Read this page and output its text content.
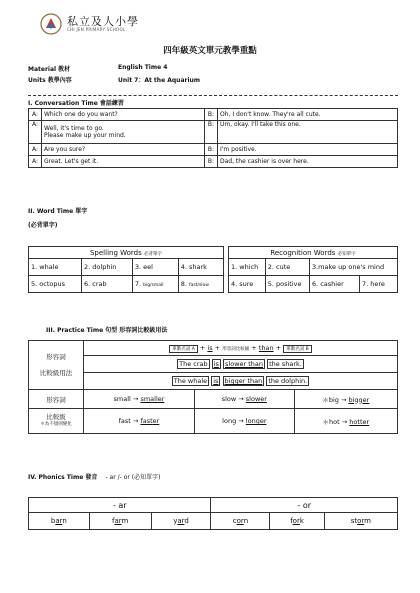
私立及人小學
CHI JEN PRIMARY SCHOOL
四年級英文單元教學重點
Material 教材	English Time 4
Units 教學內容	Unit 7：At the Aquarium
I. Conversation Time 會話練習
A:	Which one do you want?	B:	Oh, I don't know. They're all cute.
A:	Well, it's time to go.
Please make up your mind.	B:	Um, okay. I'll take this one.
A:	Are you sure?	B:	I'm positive.
A:	Great. Let's get it.	B:	Dad, the cashier is over here.
II. Word Time 單字
(必背單字)
Spelling Words 必背單字			
1. whale	2. dolphin	3. eel	4. shark
5. octopus	6. crab	7. big/small	8. fast/slow
Recognition Words 必知單字			
1. which	2. cute	3.make up one's mind	
4. sure	5. positive	6. cashier	7. here
III. Practice Time 句型 形容詞比較級用法
形容詞
比較級用法	單數名詞 A + is + 形容詞比較級 + than + 單數名詞 B		
	The crab is slower than the shark.		
	The whale is bigger than the dolphin.		
形容詞	small → smaller	slow → slower	＊big → bigger

比較級
＊為不規則變化	fast → faster	long → longer	＊hot → hotter
IV. Phonics Time 發音 - ar /- or (必知單字)
- ar			- or		
barn	farm	yard	corn	fork	storm
